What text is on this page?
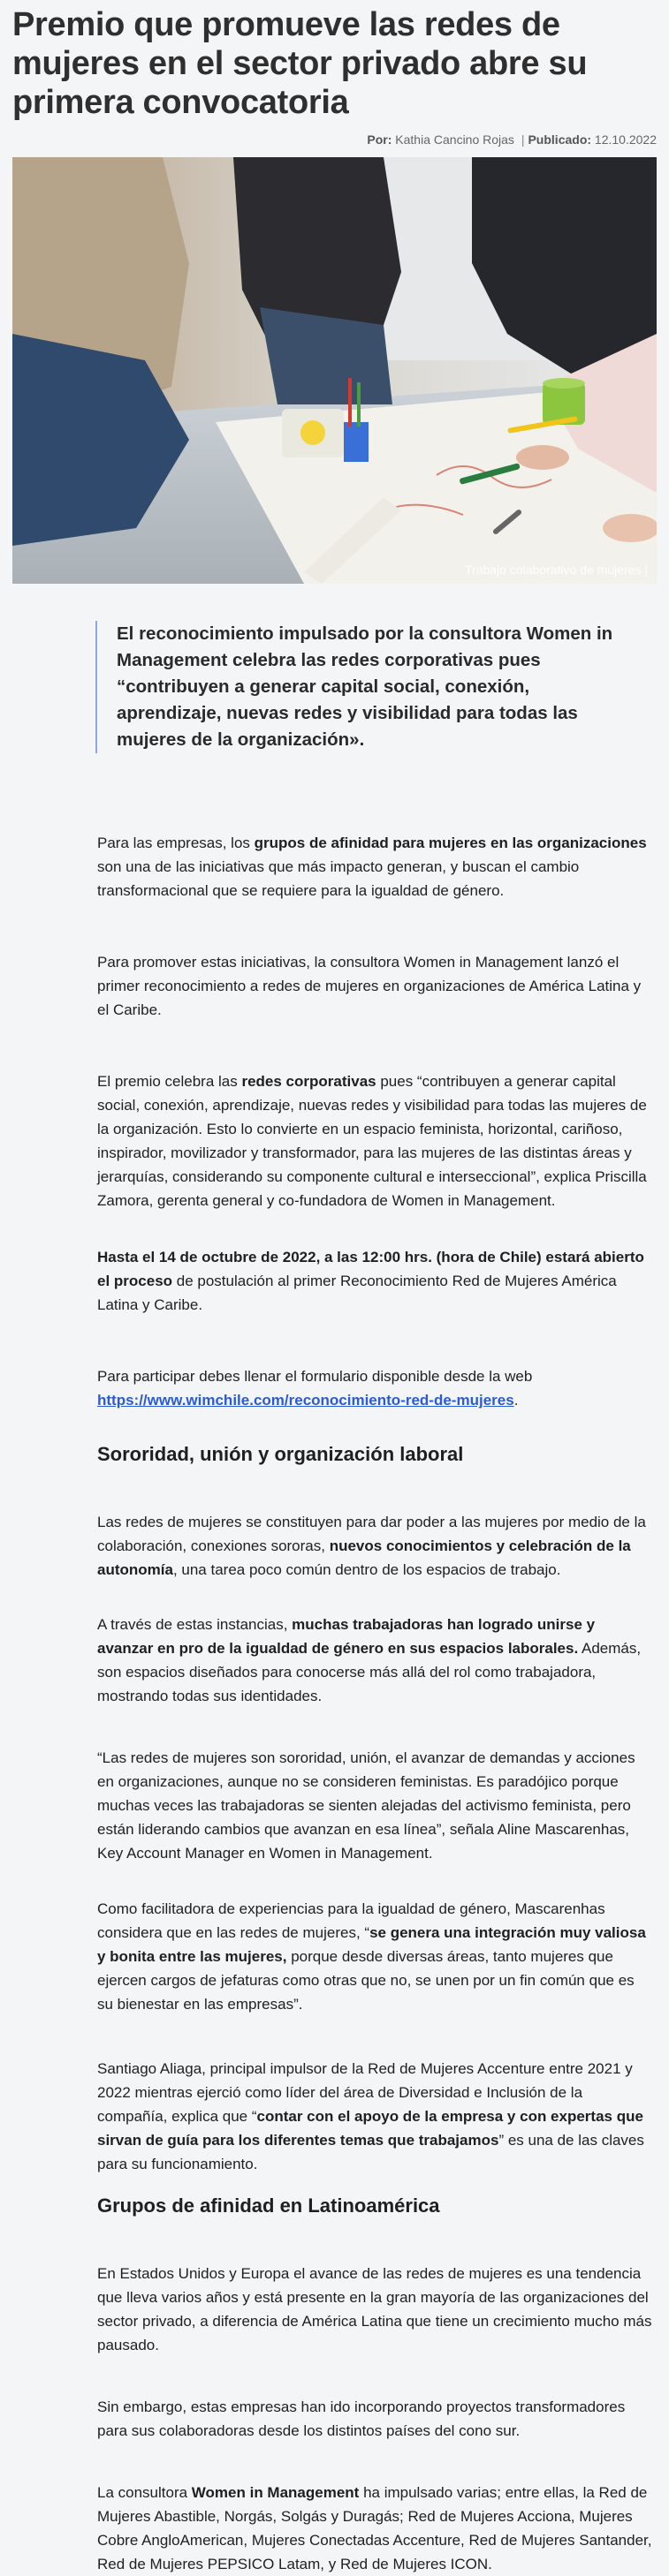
Premio que promueve las redes de mujeres en el sector privado abre su primera convocatoria
Por: Kathia Cancino Rojas | Publicado: 12.10.2022
Trabajo colaborativo de mujeres |
El reconocimiento impulsado por la consultora Women in Management celebra las redes corporativas pues “contribuyen a generar capital social, conexión, aprendizaje, nuevas redes y visibilidad para todas las mujeres de la organización».

Para las empresas, los grupos de afinidad para mujeres en las organizaciones son una de las iniciativas que más impacto generan, y buscan el cambio transformacional que se requiere para la igualdad de género.

Para promover estas iniciativas, la consultora Women in Management lanzó el primer reconocimiento a redes de mujeres en organizaciones de América Latina y el Caribe.

El premio celebra las redes corporativas pues “contribuyen a generar capital social, conexión, aprendizaje, nuevas redes y visibilidad para todas las mujeres de la organización. Esto lo convierte en un espacio feminista, horizontal, cariñoso, inspirador, movilizador y transformador, para las mujeres de las distintas áreas y jerarquías, considerando su componente cultural e interseccional”, explica Priscilla Zamora, gerenta general y co-fundadora de Women in Management.

Hasta el 14 de octubre de 2022, a las 12:00 hrs. (hora de Chile) estará abierto el proceso de postulación al primer Reconocimiento Red de Mujeres América Latina y Caribe.

Para participar debes llenar el formulario disponible desde la web https://www.wimchile.com/reconocimiento-red-de-mujeres.

Sororidad, unión y organización laboral

Las redes de mujeres se constituyen para dar poder a las mujeres por medio de la colaboración, conexiones sororas, nuevos conocimientos y celebración de la autonomía, una tarea poco común dentro de los espacios de trabajo.

A través de estas instancias, muchas trabajadoras han logrado unirse y avanzar en pro de la igualdad de género en sus espacios laborales. Además, son espacios diseñados para conocerse más allá del rol como trabajadora, mostrando todas sus identidades.

“Las redes de mujeres son sororidad, unión, el avanzar de demandas y acciones en organizaciones, aunque no se consideren feministas. Es paradójico porque muchas veces las trabajadoras se sienten alejadas del activismo feminista, pero están liderando cambios que avanzan en esa línea”, señala Aline Mascarenhas, Key Account Manager en Women in Management.

Como facilitadora de experiencias para la igualdad de género, Mascarenhas considera que en las redes de mujeres, “se genera una integración muy valiosa y bonita entre las mujeres, porque desde diversas áreas, tanto mujeres que ejercen cargos de jefaturas como otras que no, se unen por un fin común que es su bienestar en las empresas”.

Santiago Aliaga, principal impulsor de la Red de Mujeres Accenture entre 2021 y 2022 mientras ejerció como líder del área de Diversidad e Inclusión de la compañía, explica que “contar con el apoyo de la empresa y con expertas que sirvan de guía para los diferentes temas que trabajamos” es una de las claves para su funcionamiento.

Grupos de afinidad en Latinoamérica

En Estados Unidos y Europa el avance de las redes de mujeres es una tendencia que lleva varios años y está presente en la gran mayoría de las organizaciones del sector privado, a diferencia de América Latina que tiene un crecimiento mucho más pausado.

Sin embargo, estas empresas han ido incorporando proyectos transformadores para sus colaboradoras desde los distintos países del cono sur.

La consultora Women in Management ha impulsado varias; entre ellas, la Red de Mujeres Abastible, Norgás, Solgás y Duragás; Red de Mujeres Acciona, Mujeres Cobre AngloAmerican, Mujeres Conectadas Accenture, Red de Mujeres Santander, Red de Mujeres PEPSICO Latam, y Red de Mujeres ICON.
